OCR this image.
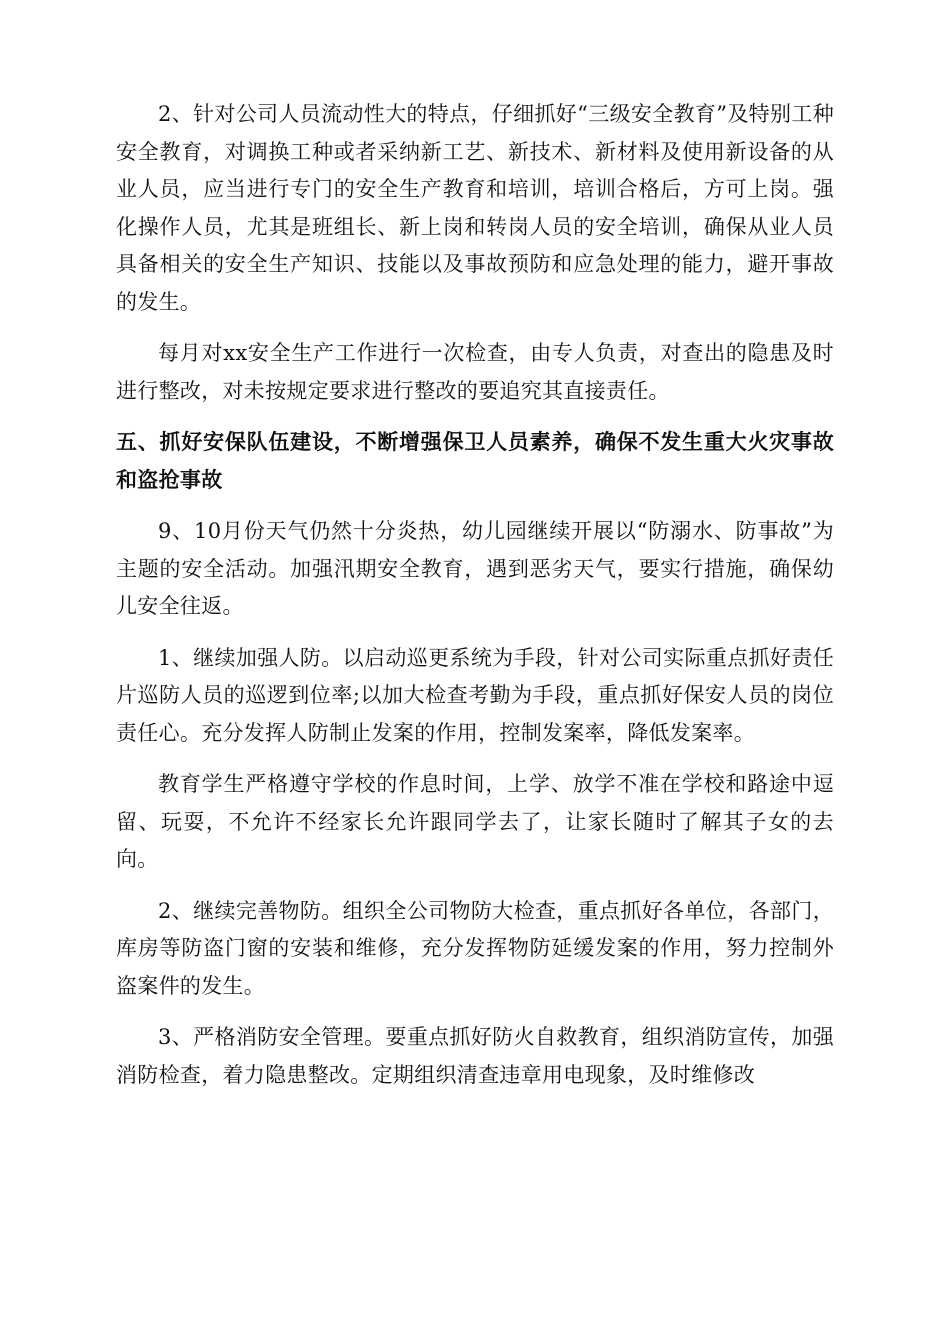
2、针对公司人员流动性大的特点，仔细抓好“三级安全教育”及特别工种安全教育，对调换工种或者采纳新工艺、新技术、新材料及使用新设备的从业人员，应当进行专门的安全生产教育和培训，培训合格后，方可上岗。强化操作人员，尤其是班组长、新上岗和转岗人员的安全培训，确保从业人员具备相关的安全生产知识、技能以及事故预防和应急处理的能力，避开事故的发生。

每月对xx安全生产工作进行一次检查，由专人负责，对查出的隐患及时进行整改，对未按规定要求进行整改的要追究其直接责任。

五、抓好安保队伍建设，不断增强保卫人员素养，确保不发生重大火灾事故和盗抢事故

9、10月份天气仍然十分炎热，幼儿园继续开展以“防溺水、防事故”为主题的安全活动。加强汛期安全教育，遇到恶劣天气，要实行措施，确保幼儿安全往返。

1、继续加强人防。以启动巡更系统为手段，针对公司实际重点抓好责任片巡防人员的巡逻到位率;以加大检查考勤为手段，重点抓好保安人员的岗位责任心。充分发挥人防制止发案的作用，控制发案率，降低发案率。

教育学生严格遵守学校的作息时间，上学、放学不准在学校和路途中逗留、玩耍，不允许不经家长允许跟同学去了，让家长随时了解其子女的去向。

2、继续完善物防。组织全公司物防大检查，重点抓好各单位，各部门，库房等防盗门窗的安装和维修，充分发挥物防延缓发案的作用，努力控制外盗案件的发生。

3、严格消防安全管理。要重点抓好防火自救教育，组织消防宣传，加强消防检查，着力隐患整改。定期组织清查违章用电现象，及时维修改
